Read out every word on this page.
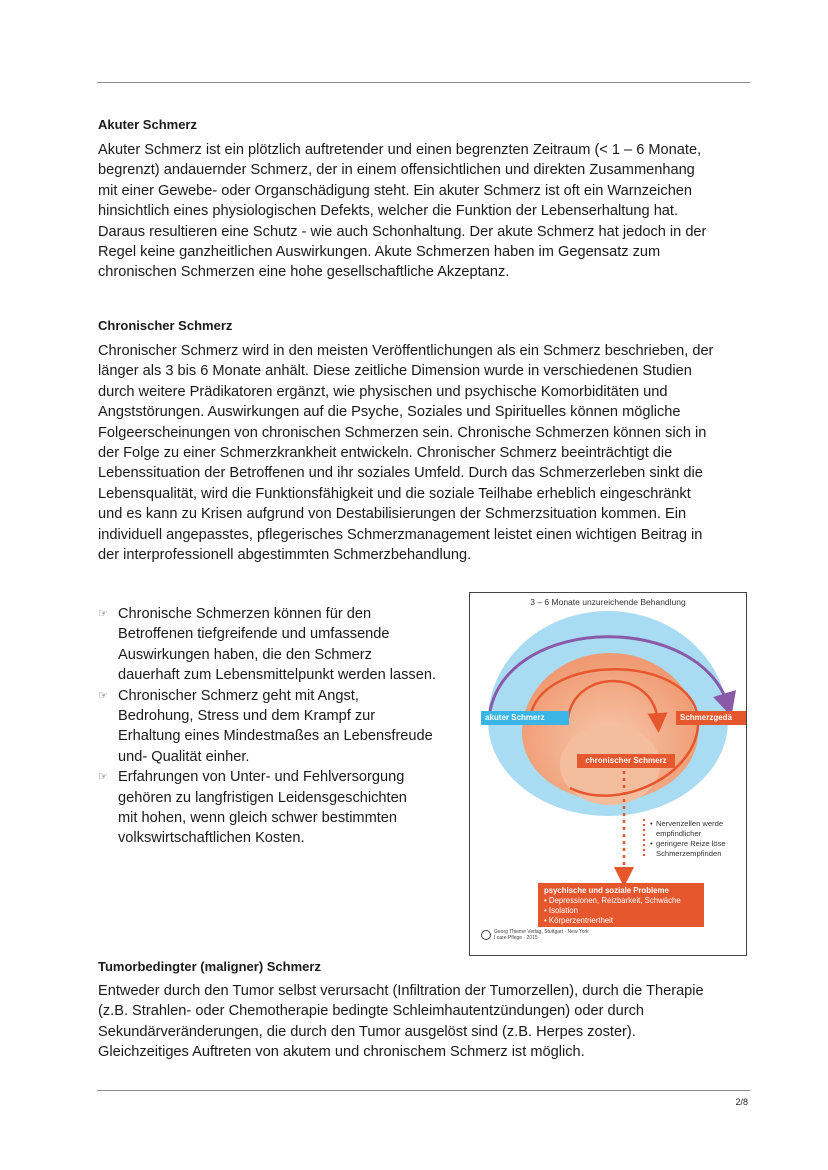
Akuter Schmerz
Akuter Schmerz ist ein plötzlich auftretender und einen begrenzten Zeitraum (< 1 – 6 Monate,
begrenzt) andauernder Schmerz, der in einem offensichtlichen und direkten Zusammenhang
mit einer Gewebe- oder Organschädigung steht. Ein akuter Schmerz ist oft ein Warnzeichen
hinsichtlich eines physiologischen Defekts, welcher die Funktion der Lebenserhaltung hat.
Daraus resultieren eine Schutz - wie auch Schonhaltung. Der akute Schmerz hat jedoch in der
Regel keine ganzheitlichen Auswirkungen. Akute Schmerzen haben im Gegensatz zum
chronischen Schmerzen eine hohe gesellschaftliche Akzeptanz.
Chronischer Schmerz
Chronischer Schmerz wird in den meisten Veröffentlichungen als ein Schmerz beschrieben, der
länger als 3 bis 6 Monate anhält. Diese zeitliche Dimension wurde in verschiedenen Studien
durch weitere Prädikatoren ergänzt, wie physischen und psychische Komorbiditäten und
Angststörungen. Auswirkungen auf die Psyche, Soziales und Spirituelles können mögliche
Folgeerscheinungen von chronischen Schmerzen sein. Chronische Schmerzen können sich in
der Folge zu einer Schmerzkrankheit entwickeln. Chronischer Schmerz beeinträchtigt die
Lebenssituation der Betroffenen und ihr soziales Umfeld. Durch das Schmerzerleben sinkt die
Lebensqualität, wird die Funktionsfähigkeit und die soziale Teilhabe erheblich eingeschränkt
und es kann zu Krisen aufgrund von Destabilisierungen der Schmerzsituation kommen. Ein
individuell angepasstes, pflegerisches Schmerzmanagement leistet einen wichtigen Beitrag in
der interprofessionell abgestimmten Schmerzbehandlung.
☞ Chronische Schmerzen können für den
Betroffenen tiefgreifende und umfassende
Auswirkungen haben, die den Schmerz
dauerhaft zum Lebensmittelpunkt werden lassen.
☞ Chronischer Schmerz geht mit Angst,
Bedrohung, Stress und dem Krampf zur
Erhaltung eines Mindestmaßes an Lebensfreude
und- Qualität einher.
☞ Erfahrungen von Unter- und Fehlversorgung
gehören zu langfristigen Leidensgeschichten
mit hohen, wenn gleich schwer bestimmten
volkswirtschaftlichen Kosten.
3 – 6 Monate unzureichende Behandlung
akuter Schmerz	Schmerzgedä
chronischer Schmerz
• Nervenzellen werde
empfindlicher
• geringere Reize löse
Schmerzempfinden
psychische und soziale Probleme
• Depressionen, Reizbarkeit, Schwäche
• Isolation
• Körperzentriertheit
Georg Thieme Verlag, Stuttgart · New York
I care Pflege · 2015
Tumorbedingter (maligner) Schmerz
Entweder durch den Tumor selbst verursacht (Infiltration der Tumorzellen), durch die Therapie
(z.B. Strahlen- oder Chemotherapie bedingte Schleimhautentzündungen) oder durch
Sekundärveränderungen, die durch den Tumor ausgelöst sind (z.B. Herpes zoster).
Gleichzeitiges Auftreten von akutem und chronischem Schmerz ist möglich.
2/8
